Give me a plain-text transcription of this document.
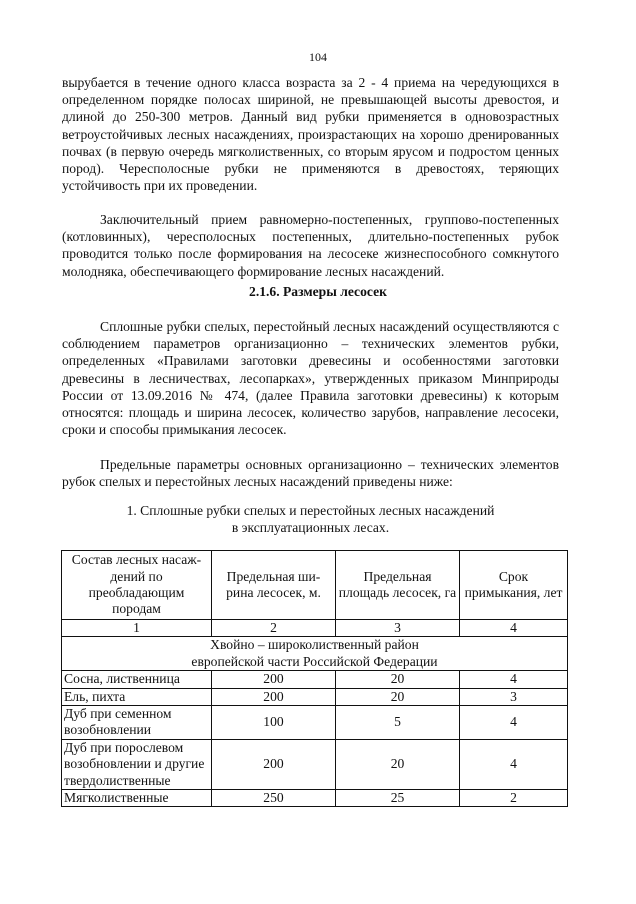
104

вырубается в течение одного класса возраста за 2 - 4 приема на чередующихся в определенном порядке полосах шириной, не превышающей высоты древостоя, и длиной до 250-300 метров. Данный вид рубки применяется в одновозрастных ветроустойчивых лесных насаждениях, произрастающих на хорошо дренированных почвах (в первую очередь мягколиственных, со вторым ярусом и подростом ценных пород). Чересполосные рубки не применяются в древостоях, теряющих устойчивость при их проведении.

Заключительный прием равномерно-постепенных, группово-постепенных (котловинных), чересполосных постепенных, длительно-постепенных рубок проводится только после формирования на лесосеке жизнеспособного сомкнутого молодняка, обеспечивающего формирование лесных насаждений.

2.1.6. Размеры лесосек

Сплошные рубки спелых, перестойный лесных насаждений осуществляются с соблюдением параметров организационно – технических элементов рубки, определенных «Правилами заготовки древесины и особенностями заготовки древесины в лесничествах, лесопарках», утвержденных приказом Минприроды России от 13.09.2016 № 474, (далее Правила заготовки древесины) к которым относятся: площадь и ширина лесосек, количество зарубов, направление лесосеки, сроки и способы примыкания лесосек.

Предельные параметры основных организационно – технических элементов рубок спелых и перестойных лесных насаждений приведены ниже:

1. Сплошные рубки спелых и перестойных лесных насаждений
в эксплуатационных лесах.
Состав лесных насаж-дений по преобладающим породам	Предельная ши-рина лесосек, м.	Предельная площадь лесосек, га	Срок примыкания, лет
1	2	3	4

Хвойно – широколиственный район
европейской части Российской Федерации			

Сосна, лиственница	200	20	4
Ель, пихта	200	20	3
Дуб при семенном возобновлении	100	5	4
Дуб при порослевом возобновлении и другие твердолиственные	200	20	4
Мягколиственные	250	25	2
